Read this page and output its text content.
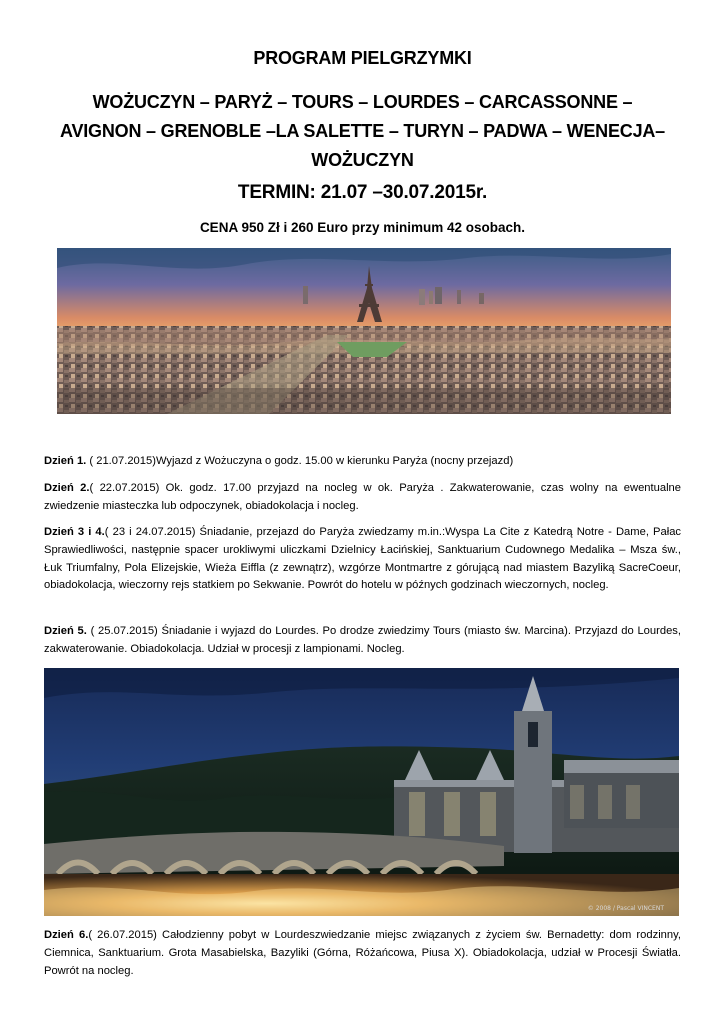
PROGRAM PIELGRZYMKI
WOŻUCZYN – PARYŻ – TOURS – LOURDES – CARCASSONNE –
AVIGNON – GRENOBLE –LA SALETTE – TURYN – PADWA – WENECJA–
WOŻUCZYN
TERMIN: 21.07 –30.07.2015r.
CENA 950 Zł i 260 Euro przy minimum 42 osobach.

Dzień 1. ( 21.07.2015)Wyjazd z Wożuczyna o godz. 15.00 w kierunku Paryża (nocny przejazd)

Dzień 2.( 22.07.2015) Ok. godz. 17.00 przyjazd na nocleg w ok. Paryża . Zakwaterowanie, czas wolny na ewentualne zwiedzenie miasteczka lub odpoczynek, obiadokolacja i nocleg.

Dzień 3 i 4.( 23 i 24.07.2015) Śniadanie, przejazd do Paryża zwiedzamy m.in.:Wyspa La Cite z Katedrą Notre - Dame, Pałac Sprawiedliwości, następnie spacer urokliwymi uliczkami Dzielnicy Łacińskiej, Sanktuarium Cudownego Medalika – Msza św., Łuk Triumfalny, Pola Elizejskie, Wieża Eiffla (z zewnątrz), wzgórze Montmartre z górującą nad miastem Bazyliką SacreCoeur, obiadokolacja, wieczorny rejs statkiem po Sekwanie. Powrót do hotelu w późnych godzinach wieczornych, nocleg.

Dzień 5. ( 25.07.2015) Śniadanie i wyjazd do Lourdes. Po drodze zwiedzimy Tours (miasto św. Marcina). Przyjazd do Lourdes, zakwaterowanie. Obiadokolacja. Udział w procesji z lampionami. Nocleg.

© 2008 / Pascal VINCENT

Dzień 6.( 26.07.2015) Całodzienny pobyt w Lourdeszwiedzanie miejsc związanych z życiem św. Bernadetty: dom rodzinny, Ciemnica, Sanktuarium. Grota Masabielska, Bazyliki (Górna, Różańcowa, Piusa X). Obiadokolacja, udział w Procesji Światła. Powrót na nocleg.
